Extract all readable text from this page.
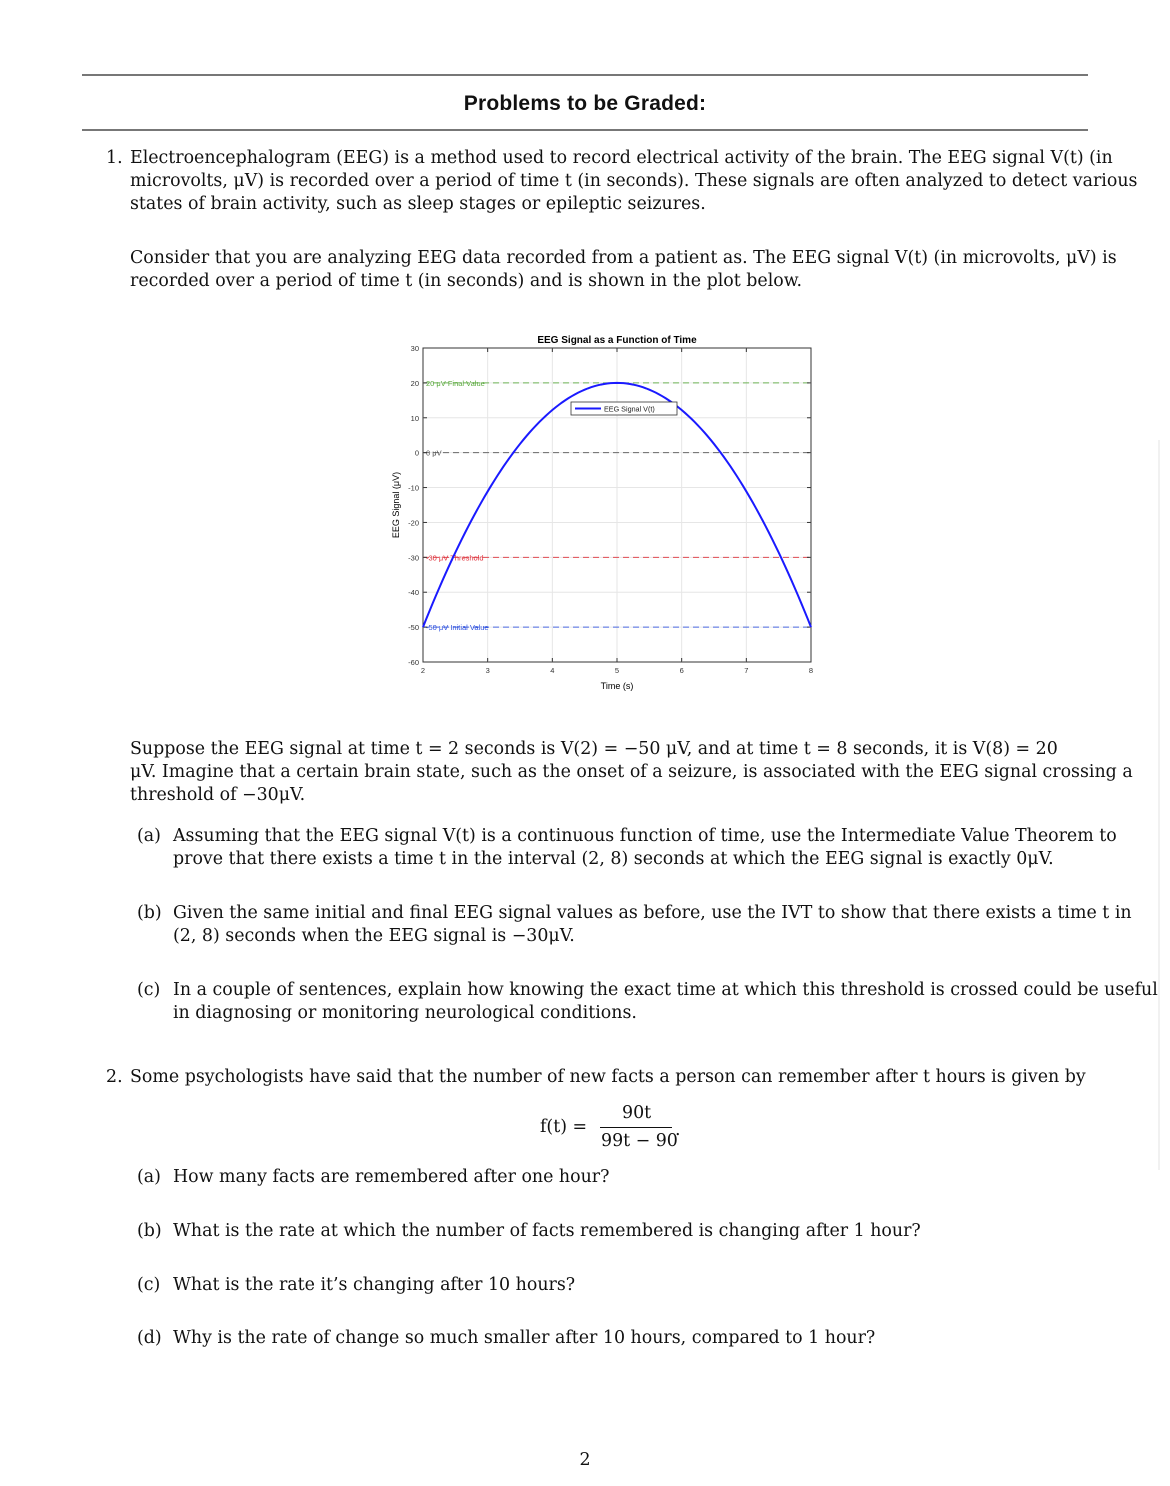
Problems to be Graded:
1. Electroencephalogram (EEG) is a method used to record electrical activity of the brain. The EEG signal V(t) (in
microvolts, μV) is recorded over a period of time t (in seconds). These signals are often analyzed to detect various
states of brain activity, such as sleep stages or epileptic seizures.
Consider that you are analyzing EEG data recorded from a patient as. The EEG signal V(t) (in microvolts, μV) is
recorded over a period of time t (in seconds) and is shown in the plot below.
20 μV Final Value
0 μV
-30 μV Threshold
-50 μV Initial Value
2	3	4	5	6	7	8
30
20
10
0
-10
-20
-30
-40
-50
-60
EEG Signal V(t)
EEG Signal as a Function of Time
Time (s)
EEG Signal (μV)
Suppose the EEG signal at time t = 2 seconds is V(2) = −50 μV, and at time t = 8 seconds, it is V(8) = 20
μV. Imagine that a certain brain state, such as the onset of a seizure, is associated with the EEG signal crossing a
threshold of −30μV.
(a) Assuming that the EEG signal V(t) is a continuous function of time, use the Intermediate Value Theorem to
prove that there exists a time t in the interval (2, 8) seconds at which the EEG signal is exactly 0μV.
(b) Given the same initial and final EEG signal values as before, use the IVT to show that there exists a time t in
(2, 8) seconds when the EEG signal is −30μV.
(c) In a couple of sentences, explain how knowing the exact time at which this threshold is crossed could be useful
in diagnosing or monitoring neurological conditions.
2. Some psychologists have said that the number of new facts a person can remember after t hours is given by
f(t) =
90t
99t − 90
.
(a) How many facts are remembered after one hour?
(b) What is the rate at which the number of facts remembered is changing after 1 hour?
(c) What is the rate it’s changing after 10 hours?
(d) Why is the rate of change so much smaller after 10 hours, compared to 1 hour?
2
